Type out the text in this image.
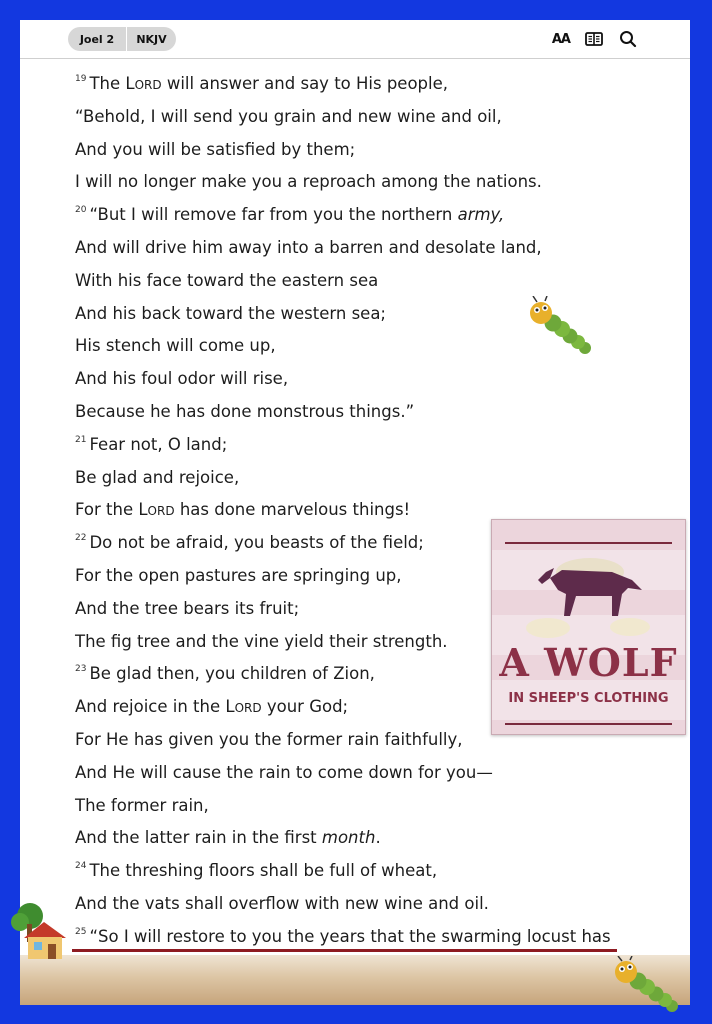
Joel 2	NKJV	AA
$^{19}$ The Lord will answer and say to His people,
“Behold, I will send you grain and new wine and oil,
And you will be satisfied by them;
I will no longer make you a reproach among the nations.
$^{20}$ “But I will remove far from you the northern army,
And will drive him away into a barren and desolate land,
With his face toward the eastern sea
And his back toward the western sea;
His stench will come up,
And his foul odor will rise,
Because he has done monstrous things.”
$^{21}$ Fear not, O land;
Be glad and rejoice,
For the Lord has done marvelous things!
$^{22}$ Do not be afraid, you beasts of the field;
For the open pastures are springing up,
And the tree bears its fruit;
The fig tree and the vine yield their strength.
$^{23}$ Be glad then, you children of Zion,
And rejoice in the Lord your God;
For He has given you the former rain faithfully,
And He will cause the rain to come down for you—
The former rain,
And the latter rain in the first month.
$^{24}$ The threshing floors shall be full of wheat,
And the vats shall overflow with new wine and oil.
$^{25}$ “So I will restore to you the years that the swarming locust has
A WOLF
IN SHEEP'S CLOTHING
